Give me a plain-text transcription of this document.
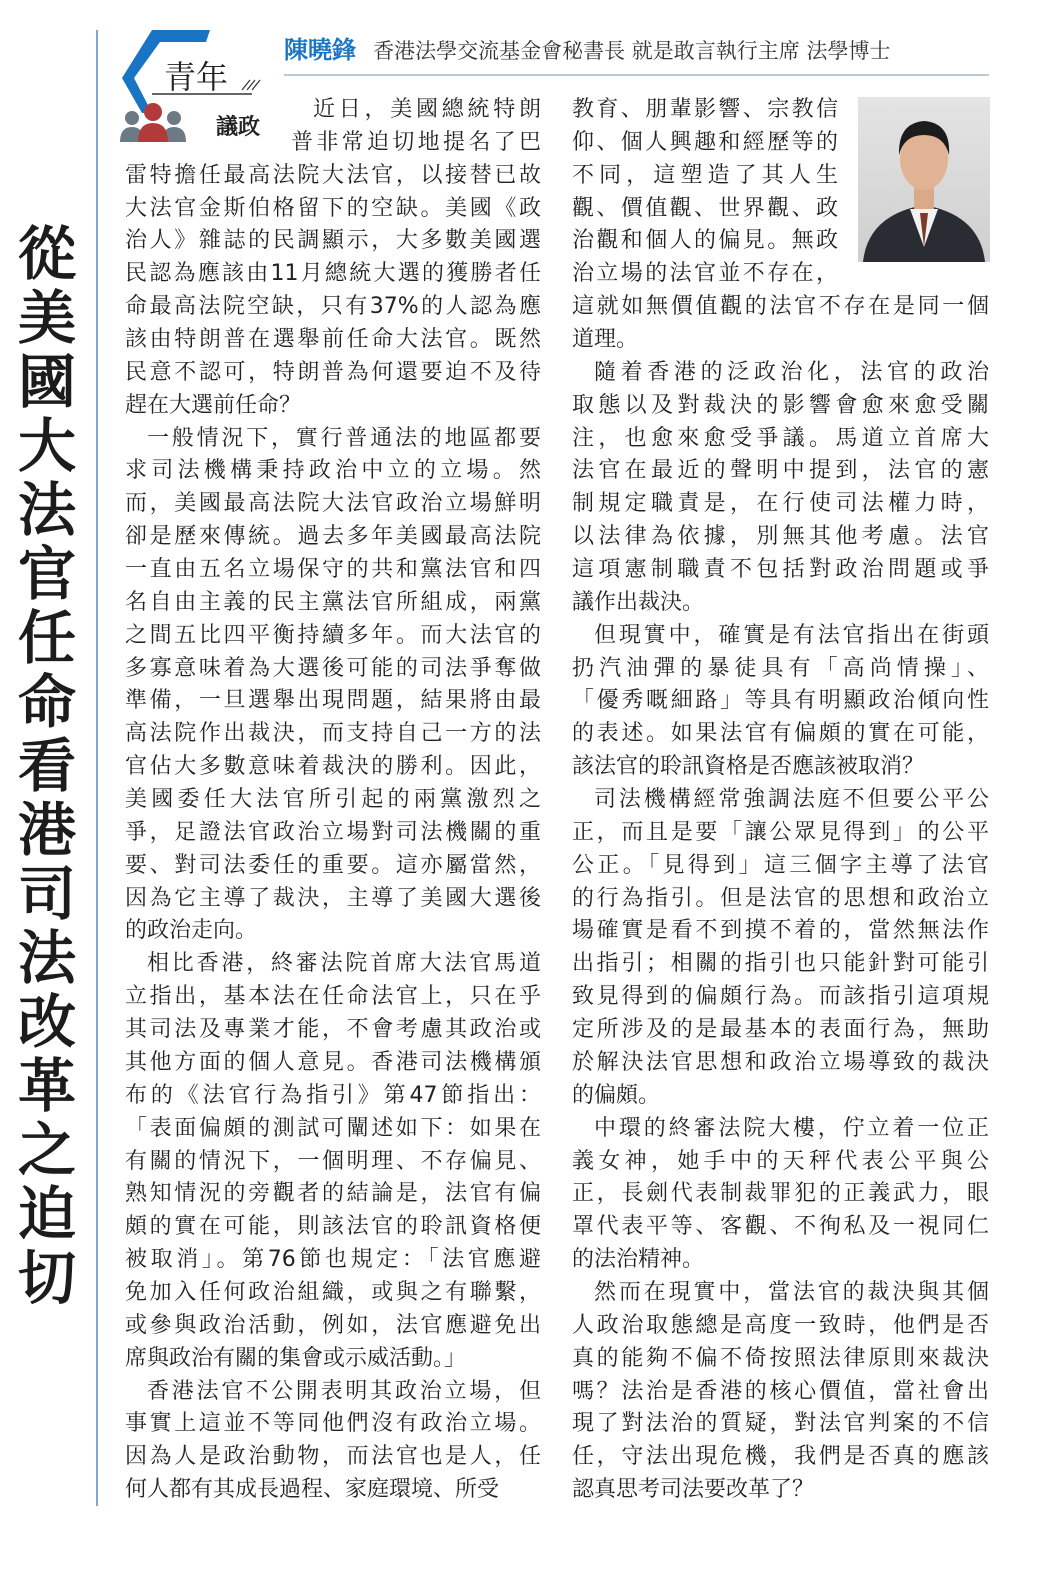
從
美
國
大
法
官
任
命
看
港
司
法
改
革
之
迫
切
青年
議政
陳曉鋒 香港法學交流基金會秘書長 就是敢言執行主席 法學博士
近日，美國總統特朗
普非常迫切地提名了巴
雷特擔任最高法院大法官，以接替已故
大法官金斯伯格留下的空缺。美國《政
治人》雜誌的民調顯示，大多數美國選
民認為應該由11月總統大選的獲勝者任
命最高法院空缺，只有37%的人認為應
該由特朗普在選舉前任命大法官。既然
民意不認可，特朗普為何還要迫不及待
趕在大選前任命？
一般情況下，實行普通法的地區都要
求司法機構秉持政治中立的立場。然
而，美國最高法院大法官政治立場鮮明
卻是歷來傳統。過去多年美國最高法院
一直由五名立場保守的共和黨法官和四
名自由主義的民主黨法官所組成，兩黨
之間五比四平衡持續多年。而大法官的
多寡意味着為大選後可能的司法爭奪做
準備，一旦選舉出現問題，結果將由最
高法院作出裁決，而支持自己一方的法
官佔大多數意味着裁決的勝利。因此，
美國委任大法官所引起的兩黨激烈之
爭，足證法官政治立場對司法機關的重
要、對司法委任的重要。這亦屬當然，
因為它主導了裁決，主導了美國大選後
的政治走向。
相比香港，終審法院首席大法官馬道
立指出，基本法在任命法官上，只在乎
其司法及專業才能，不會考慮其政治或
其他方面的個人意見。香港司法機構頒
布的《法官行為指引》第47節指出：
「表面偏頗的測試可闡述如下：如果在
有關的情況下，一個明理、不存偏見、
熟知情況的旁觀者的結論是，法官有偏
頗的實在可能，則該法官的聆訊資格便
被取消」。第76節也規定：「法官應避
免加入任何政治組織，或與之有聯繫，
或參與政治活動，例如，法官應避免出
席與政治有關的集會或示威活動。」
香港法官不公開表明其政治立場，但
事實上這並不等同他們沒有政治立場。
因為人是政治動物，而法官也是人，任
何人都有其成長過程、家庭環境、所受
教育、朋輩影響、宗教信
仰、個人興趣和經歷等的
不同，這塑造了其人生
觀、價值觀、世界觀、政
治觀和個人的偏見。無政
治立場的法官並不存在，
這就如無價值觀的法官不存在是同一個
道理。
隨着香港的泛政治化，法官的政治
取態以及對裁決的影響會愈來愈受關
注，也愈來愈受爭議。馬道立首席大
法官在最近的聲明中提到，法官的憲
制規定職責是，在行使司法權力時，
以法律為依據，別無其他考慮。法官
這項憲制職責不包括對政治問題或爭
議作出裁決。
但現實中，確實是有法官指出在街頭
扔汽油彈的暴徒具有「高尚情操」、
「優秀嘅細路」等具有明顯政治傾向性
的表述。如果法官有偏頗的實在可能，
該法官的聆訊資格是否應該被取消？
司法機構經常強調法庭不但要公平公
正，而且是要「讓公眾見得到」的公平
公正。「見得到」這三個字主導了法官
的行為指引。但是法官的思想和政治立
場確實是看不到摸不着的，當然無法作
出指引；相關的指引也只能針對可能引
致見得到的偏頗行為。而該指引這項規
定所涉及的是最基本的表面行為，無助
於解決法官思想和政治立場導致的裁決
的偏頗。
中環的終審法院大樓，佇立着一位正
義女神，她手中的天秤代表公平與公
正，長劍代表制裁罪犯的正義武力，眼
罩代表平等、客觀、不徇私及一視同仁
的法治精神。
然而在現實中，當法官的裁決與其個
人政治取態總是高度一致時，他們是否
真的能夠不偏不倚按照法律原則來裁決
嗎？法治是香港的核心價值，當社會出
現了對法治的質疑，對法官判案的不信
任，守法出現危機，我們是否真的應該
認真思考司法要改革了？
